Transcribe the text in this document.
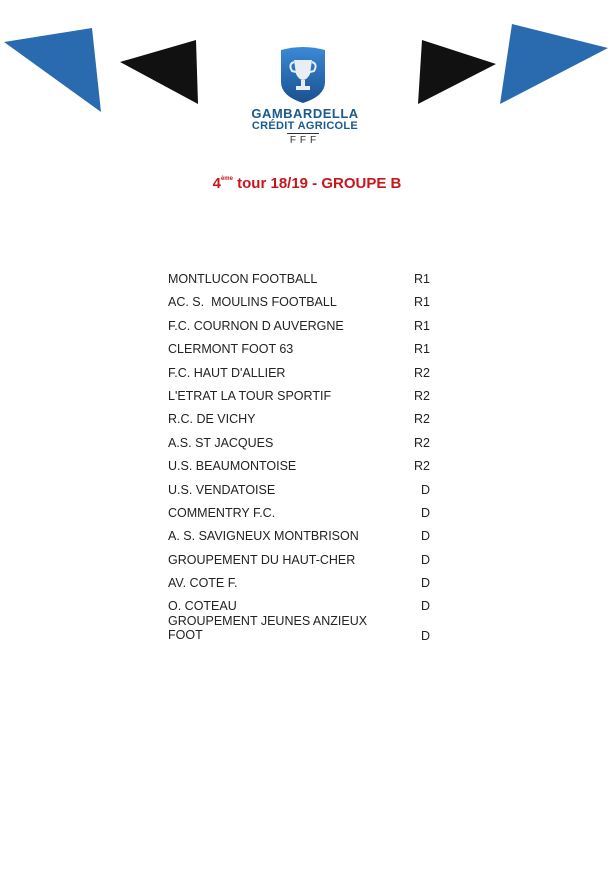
GAMBARDELLA
CRÉDIT AGRICOLE
FFF
4ème tour 18/19 - GROUPE B
MONTLUCON FOOTBALL	R1
AC. S.  MOULINS FOOTBALL	R1
F.C. COURNON D AUVERGNE	R1
CLERMONT FOOT 63	R1
F.C. HAUT D'ALLIER	R2
L'ETRAT LA TOUR SPORTIF	R2
R.C. DE VICHY	R2
A.S. ST JACQUES	R2
U.S. BEAUMONTOISE	R2
U.S. VENDATOISE	D
COMMENTRY F.C.	D
A. S. SAVIGNEUX MONTBRISON	D
GROUPEMENT DU HAUT-CHER	D
AV. COTE F.	D
O. COTEAU	D
GROUPEMENT JEUNES ANZIEUX FOOT	D
